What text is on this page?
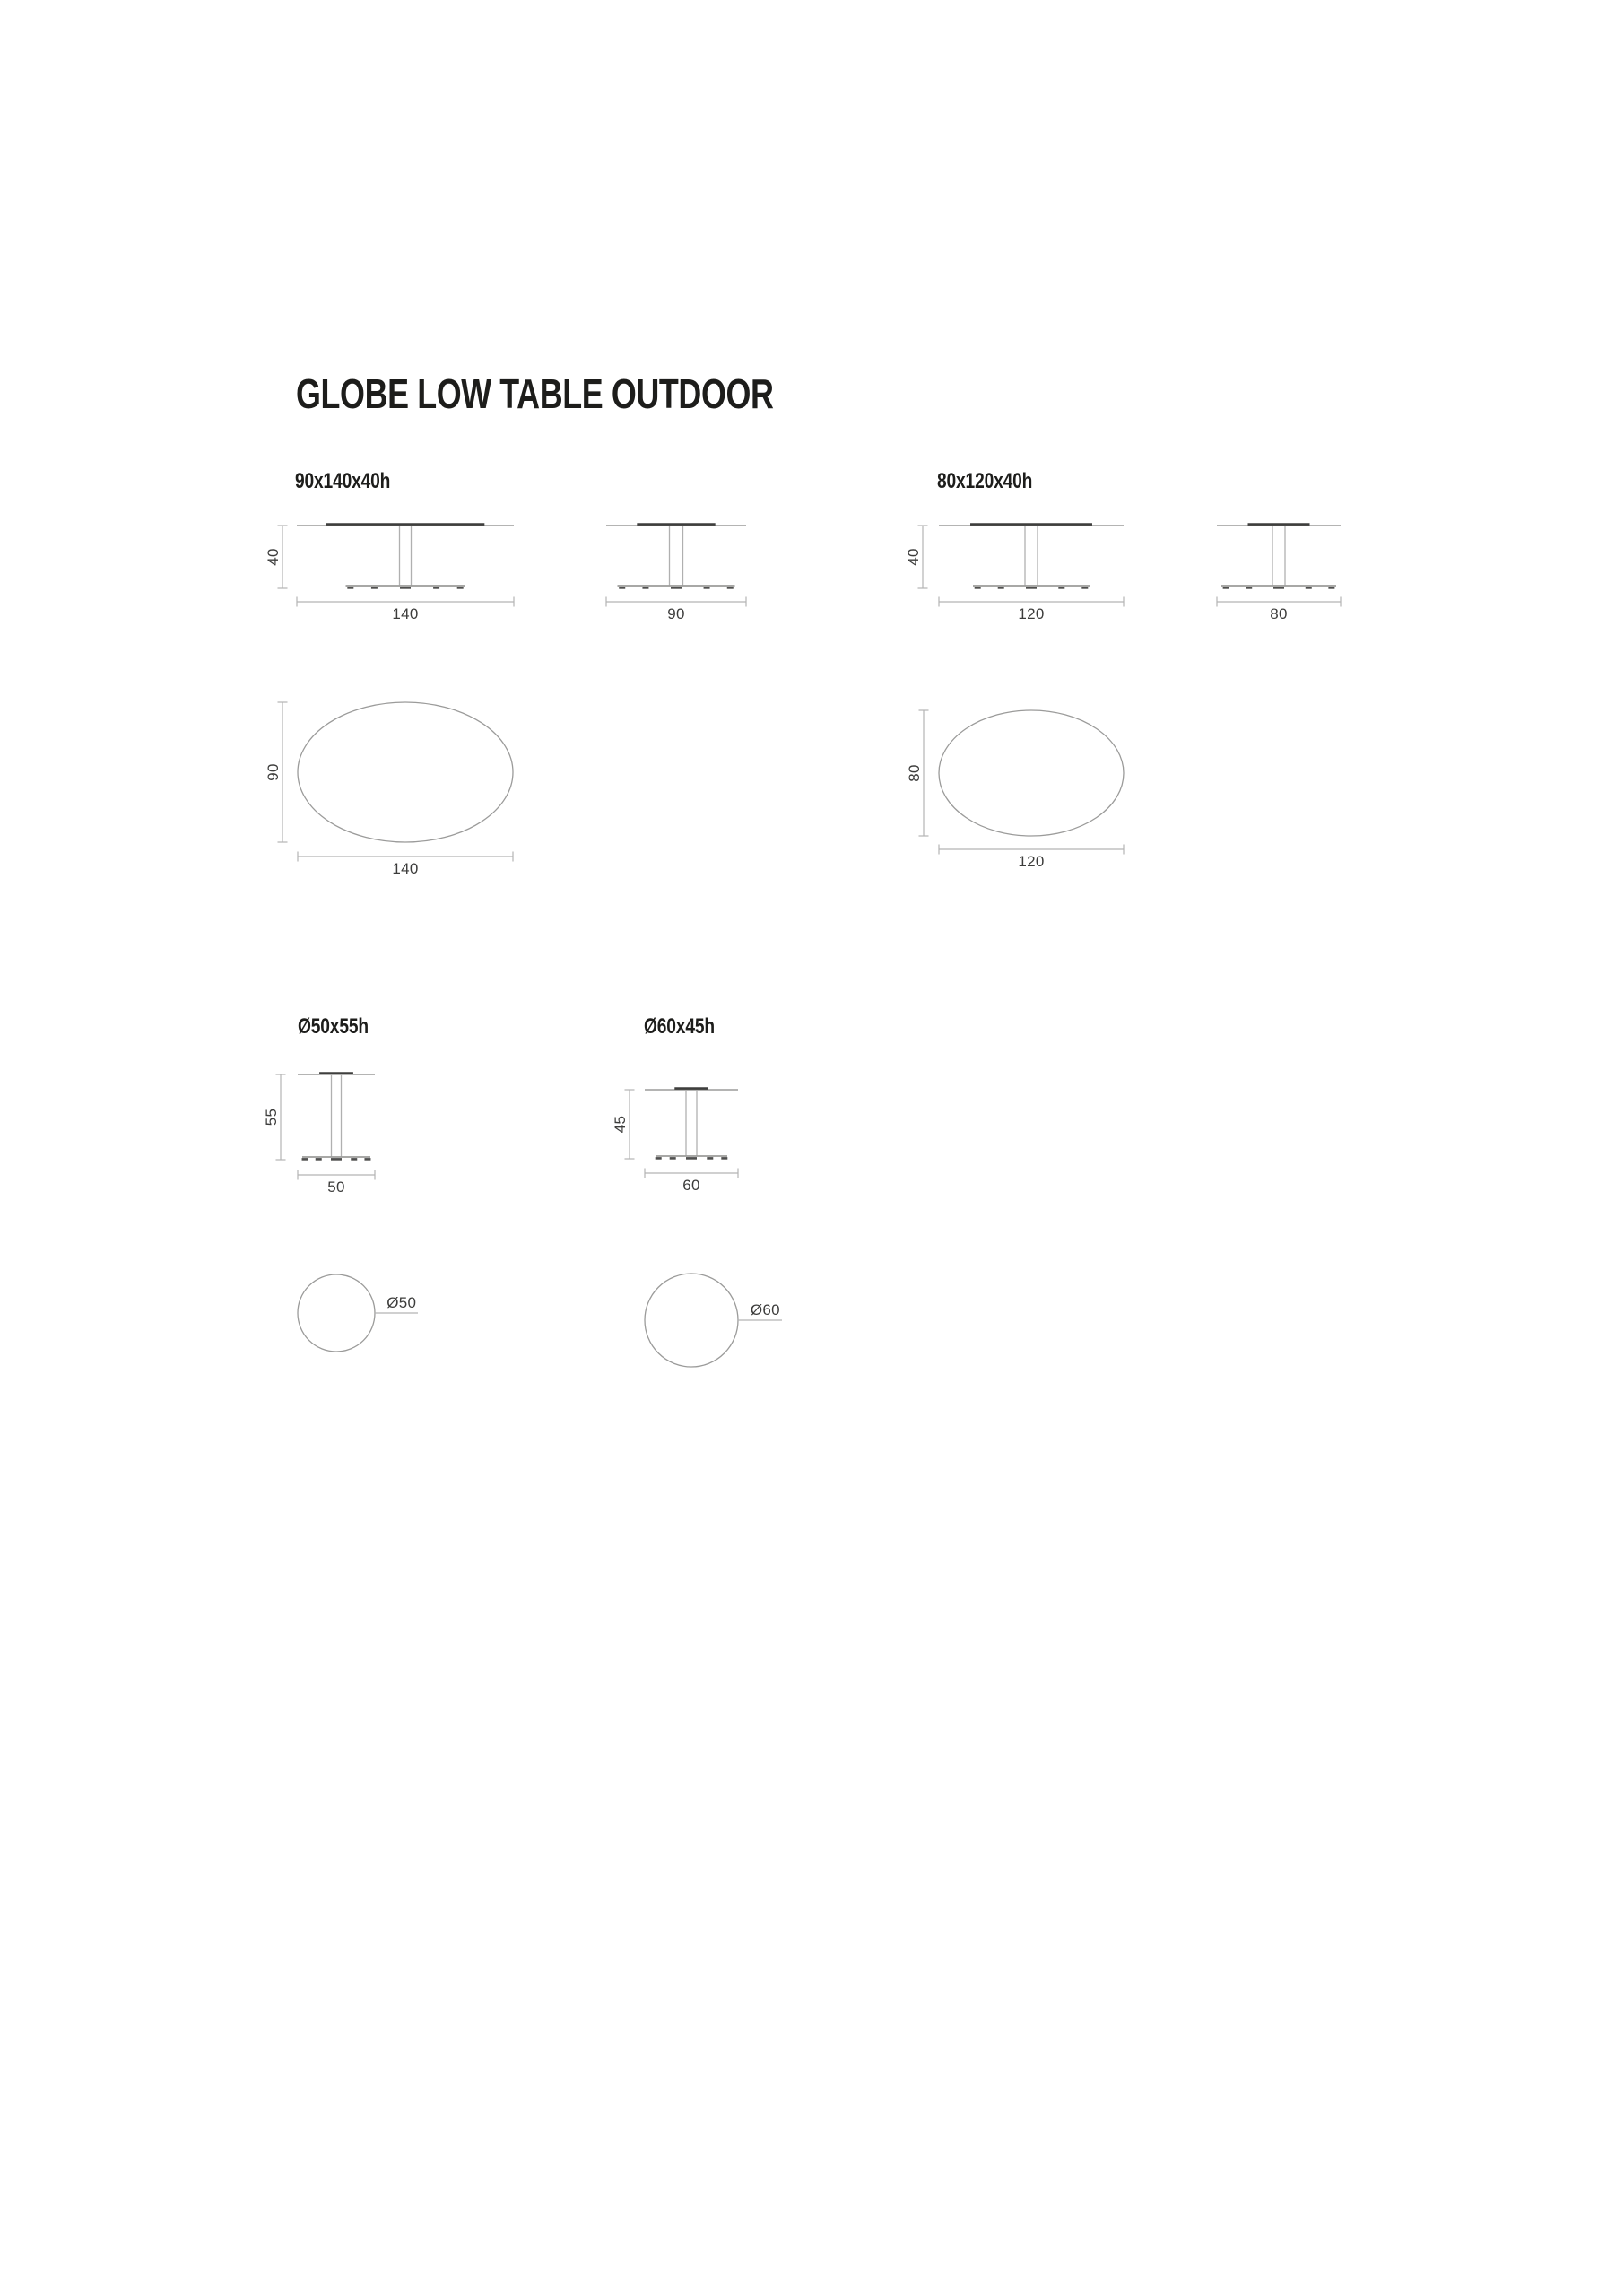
GLOBE LOW TABLE OUTDOOR
90x140x40h	80x120x40h
Ø50x55h	Ø60x45h
140
40
90
90
140
120
40
80
80
120
50
55
Ø50
60
45
Ø60
